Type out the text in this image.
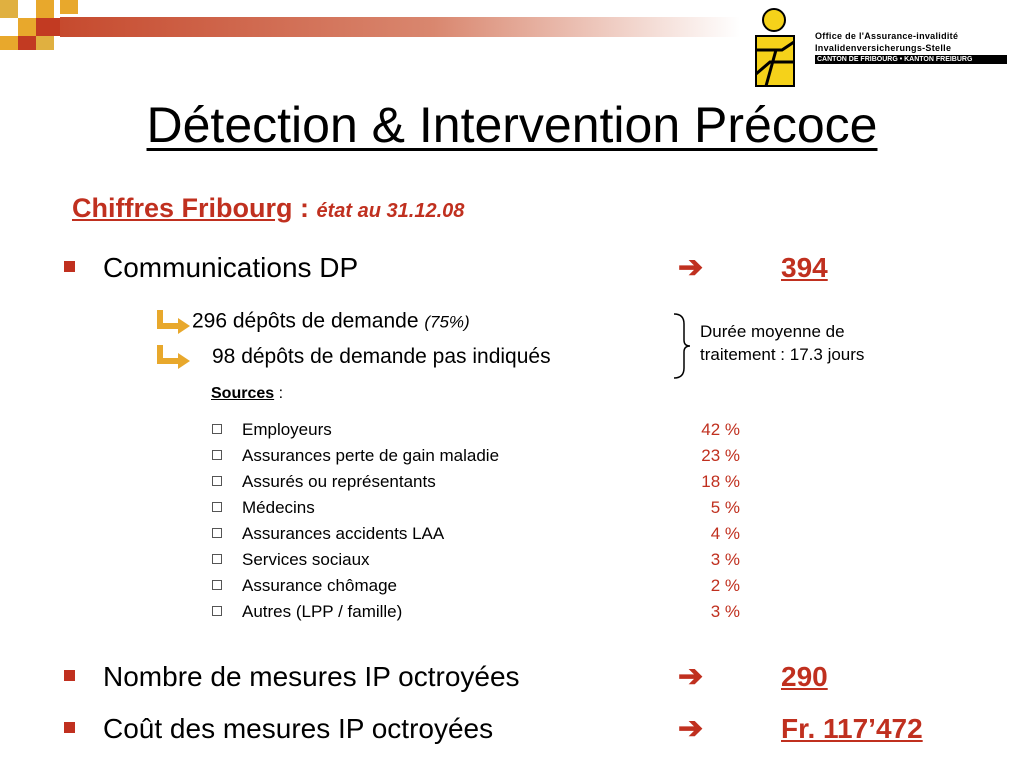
Office de l'Assurance-invalidité
Invalidenversicherungs-Stelle
CANTON DE FRIBOURG • KANTON FREIBURG
Détection & Intervention Précoce
Chiffres Fribourg : état au 31.12.08
Communications DP	➔	394
296 dépôts de demande (75%)
98 dépôts de demande pas indiqués
Durée moyenne de
traitement : 17.3 jours
Sources :
Employeurs	42 %
Assurances perte de gain maladie	23 %
Assurés ou représentants	18 %
Médecins	5 %
Assurances accidents LAA	4 %
Services sociaux	3 %
Assurance chômage	2 %
Autres (LPP / famille)	3 %
Nombre de mesures IP octroyées	➔	290
Coût des mesures IP octroyées	➔	Fr. 117’472
